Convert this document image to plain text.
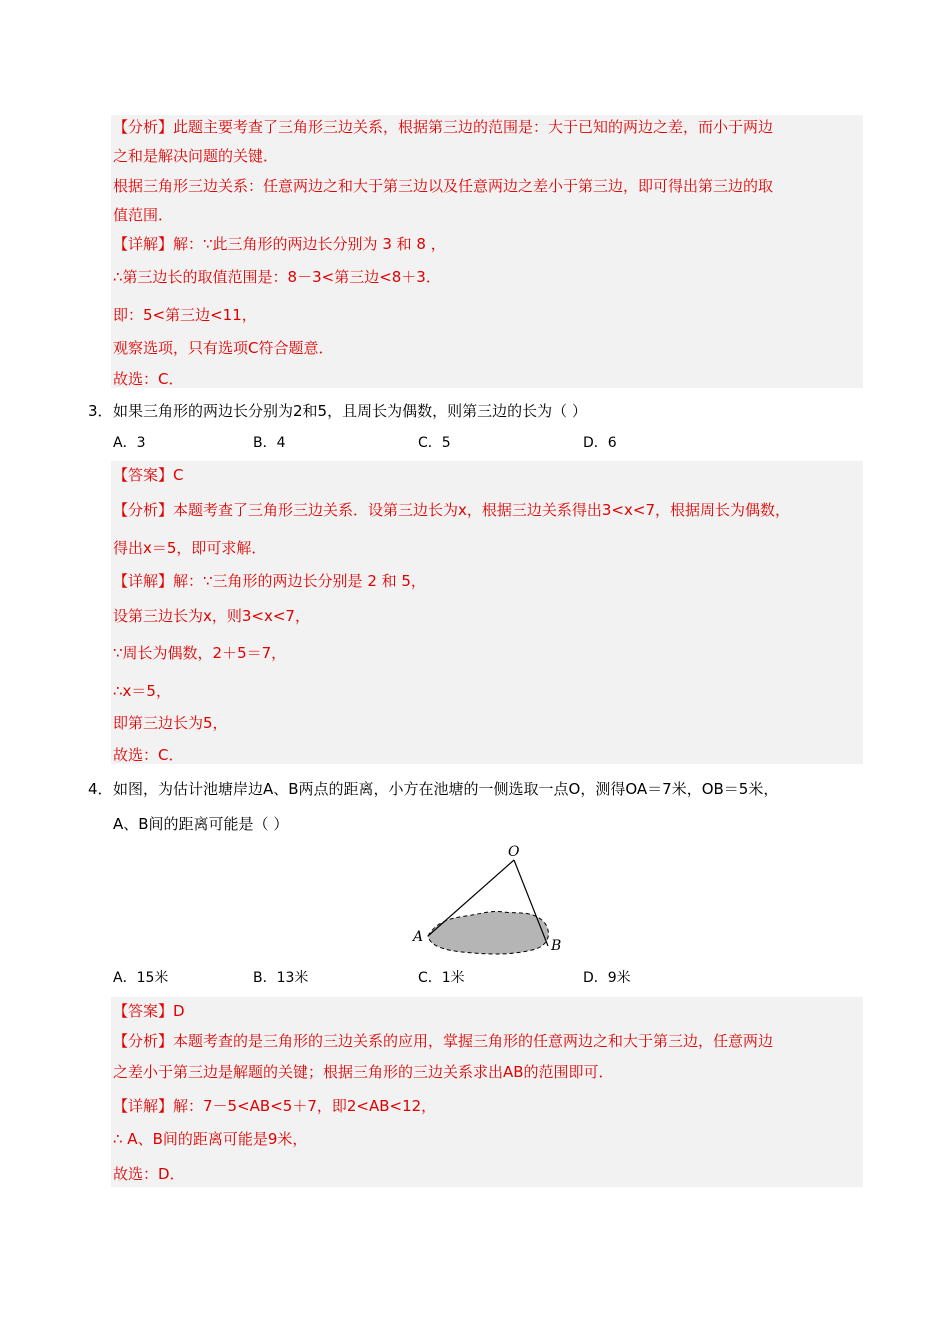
【分析】此题主要考查了三角形三边关系，根据第三边的范围是：大于已知的两边之差，而小于两边
之和是解决问题的关键．
根据三角形三边关系：任意两边之和大于第三边以及任意两边之差小于第三边，即可得出第三边的取
值范围．
【详解】解：∵此三角形的两边长分别为 3 和 8 ，
∴第三边长的取值范围是：8－3<第三边<8＋3．
即：5<第三边<11，
观察选项，只有选项C符合题意．
故选：C．
3． 如果三角形的两边长分别为2和5，且周长为偶数，则第三边的长为（ ）
A．3	B．4	C．5	D．6
【答案】C
【分析】本题考查了三角形三边关系．设第三边长为x，根据三边关系得出3<x<7，根据周长为偶数，
得出x＝5，即可求解．
【详解】解：∵三角形的两边长分别是 2 和 5，
设第三边长为x，则3<x<7，
∵周长为偶数，2＋5＝7，
∴x＝5，
即第三边长为5，
故选：C．
4． 如图，为估计池塘岸边A、B两点的距离，小方在池塘的一侧选取一点O，测得OA＝7米，OB＝5米，
A、B间的距离可能是（ ）
O
A
B
A．15米	B．13米	C．1米	D．9米
【答案】D
【分析】本题考查的是三角形的三边关系的应用，掌握三角形的任意两边之和大于第三边，任意两边
之差小于第三边是解题的关键；根据三角形的三边关系求出AB的范围即可．
【详解】解：7－5<AB<5＋7，即2<AB<12，
∴ A、B间的距离可能是9米，
故选：D．
